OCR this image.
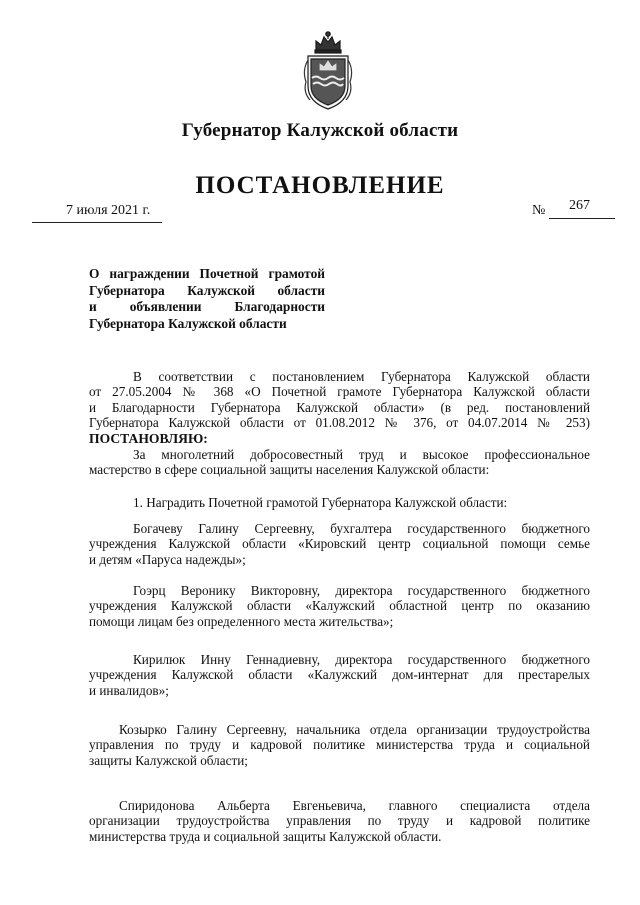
Губернатор Калужской области
ПОСТАНОВЛЕНИЕ
7 июля 2021 г.	№ 267
О награждении Почетной грамотой
Губернатора Калужской области
и объявлении Благодарности
Губернатора Калужской области
В соответствии с постановлением Губернатора Калужской области
от 27.05.2004 № 368 «О Почетной грамоте Губернатора Калужской области
и Благодарности Губернатора Калужской области» (в ред. постановлений
Губернатора Калужской области от 01.08.2012 № 376, от 04.07.2014 № 253)
ПОСТАНОВЛЯЮ:
За многолетний добросовестный труд и высокое профессиональное
мастерство в сфере социальной защиты населения Калужской области:
1. Наградить Почетной грамотой Губернатора Калужской области:
Богачеву Галину Сергеевну, бухгалтера государственного бюджетного
учреждения Калужской области «Кировский центр социальной помощи семье
и детям «Паруса надежды»;
Гоэрц Веронику Викторовну, директора государственного бюджетного
учреждения Калужской области «Калужский областной центр по оказанию
помощи лицам без определенного места жительства»;
Кирилюк Инну Геннадиевну, директора государственного бюджетного
учреждения Калужской области «Калужский дом-интернат для престарелых
и инвалидов»;
Козырко Галину Сергеевну, начальника отдела организации трудоустройства
управления по труду и кадровой политике министерства труда и социальной
защиты Калужской области;
Спиридонова Альберта Евгеньевича, главного специалиста отдела
организации трудоустройства управления по труду и кадровой политике
министерства труда и социальной защиты Калужской области.
